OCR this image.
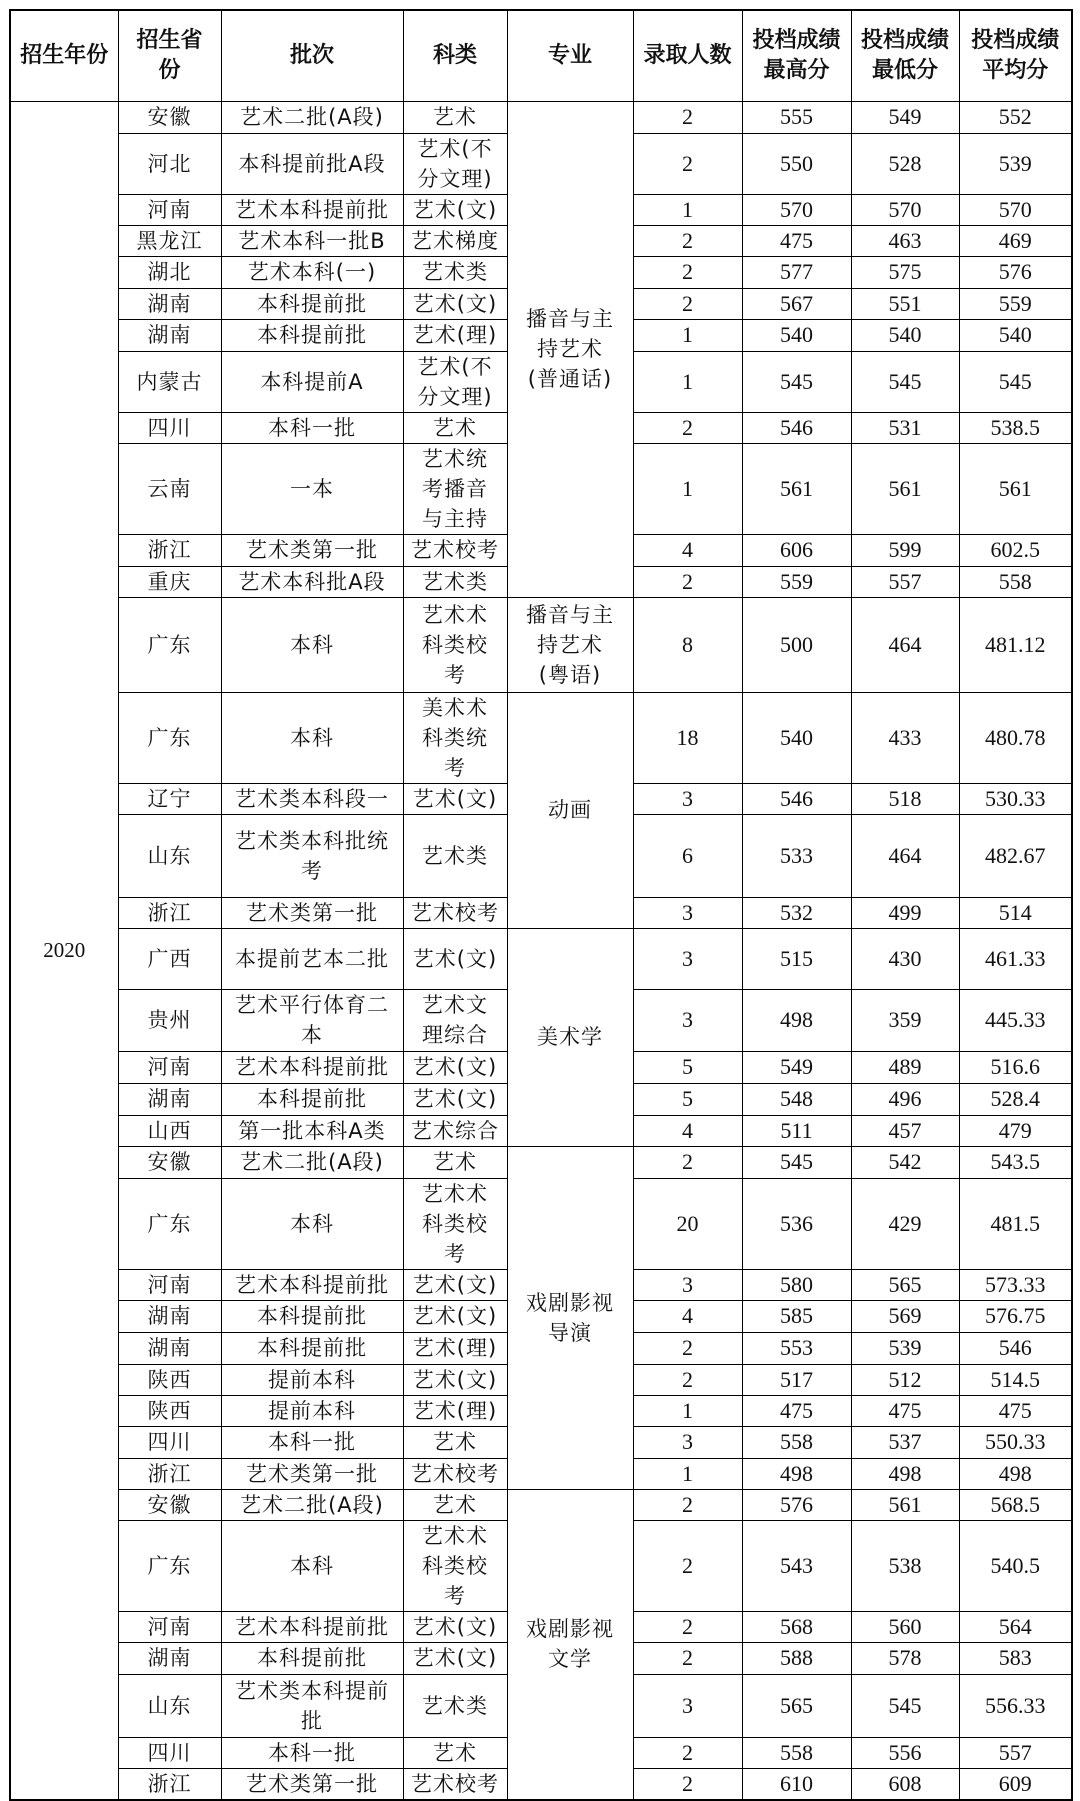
招生年份	招生省份	批次	科类	专业	录取人数	投档成绩最高分	投档成绩最低分	投档成绩平均分

2020	安徽	艺术二批(A段)	艺术	播音与主持艺术(普通话)	2	555	549	552
	河北	本科提前批A段	艺术(不分文理)		2	550	528	539
	河南	艺术本科提前批	艺术(文)		1	570	570	570
	黑龙江	艺术本科一批B	艺术梯度		2	475	463	469
	湖北	艺术本科(一)	艺术类		2	577	575	576
	湖南	本科提前批	艺术(文)		2	567	551	559
	湖南	本科提前批	艺术(理)		1	540	540	540
	内蒙古	本科提前A	艺术(不分文理)		1	545	545	545
	四川	本科一批	艺术		2	546	531	538.5
	云南	一本	艺术统考播音与主持		1	561	561	561
	浙江	艺术类第一批	艺术校考		4	606	599	602.5
	重庆	艺术本科批A段	艺术类		2	559	557	558
	广东	本科	艺术术科类校考	播音与主持艺术(粤语)	8	500	464	481.12
	广东	本科	美术术科类统考	动画	18	540	433	480.78
	辽宁	艺术类本科段一	艺术(文)		3	546	518	530.33
	山东	艺术类本科批统考	艺术类		6	533	464	482.67
	浙江	艺术类第一批	艺术校考		3	532	499	514
	广西	本提前艺本二批	艺术(文)	美术学	3	515	430	461.33
	贵州	艺术平行体育二本	艺术文理综合		3	498	359	445.33
	河南	艺术本科提前批	艺术(文)		5	549	489	516.6
	湖南	本科提前批	艺术(文)		5	548	496	528.4
	山西	第一批本科A类	艺术综合		4	511	457	479
	安徽	艺术二批(A段)	艺术	戏剧影视导演	2	545	542	543.5
	广东	本科	艺术术科类校考		20	536	429	481.5
	河南	艺术本科提前批	艺术(文)		3	580	565	573.33
	湖南	本科提前批	艺术(文)		4	585	569	576.75
	湖南	本科提前批	艺术(理)		2	553	539	546
	陕西	提前本科	艺术(文)		2	517	512	514.5
	陕西	提前本科	艺术(理)		1	475	475	475
	四川	本科一批	艺术		3	558	537	550.33
	浙江	艺术类第一批	艺术校考		1	498	498	498
	安徽	艺术二批(A段)	艺术	戏剧影视文学	2	576	561	568.5
	广东	本科	艺术术科类校考		2	543	538	540.5
	河南	艺术本科提前批	艺术(文)		2	568	560	564
	湖南	本科提前批	艺术(文)		2	588	578	583
	山东	艺术类本科提前批	艺术类		3	565	545	556.33
	四川	本科一批	艺术		2	558	556	557
	浙江	艺术类第一批	艺术校考		2	610	608	609
